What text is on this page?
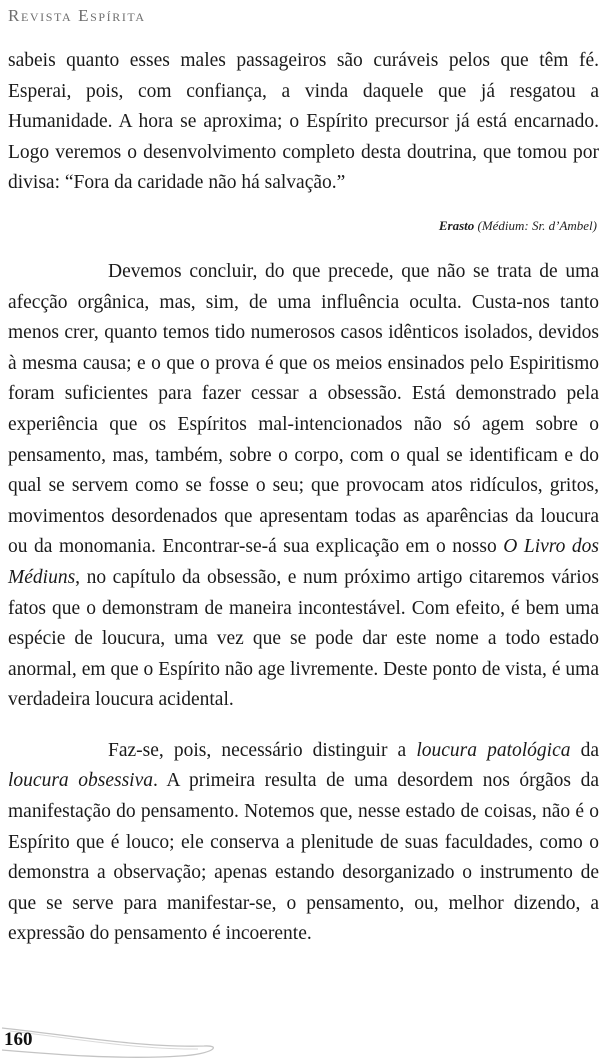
Revista Espírita

sabeis quanto esses males passageiros são curáveis pelos que têm fé. Esperai, pois, com confiança, a vinda daquele que já resgatou a Humanidade. A hora se aproxima; o Espírito precursor já está encarnado. Logo veremos o desenvolvimento completo desta doutrina, que tomou por divisa: “Fora da caridade não há salvação.”

Erasto (Médium: Sr. d’Ambel)

Devemos concluir, do que precede, que não se trata de uma afecção orgânica, mas, sim, de uma influência oculta. Custa-nos tanto menos crer, quanto temos tido numerosos casos idênticos isolados, devidos à mesma causa; e o que o prova é que os meios ensinados pelo Espiritismo foram suficientes para fazer cessar a obsessão. Está demonstrado pela experiência que os Espíritos mal-intencionados não só agem sobre o pensamento, mas, também, sobre o corpo, com o qual se identificam e do qual se servem como se fosse o seu; que provocam atos ridículos, gritos, movimentos desordenados que apresentam todas as aparências da loucura ou da monomania. Encontrar-se-á sua explicação em o nosso O Livro dos Médiuns, no capítulo da obsessão, e num próximo artigo citaremos vários fatos que o demonstram de maneira incontestável. Com efeito, é bem uma espécie de loucura, uma vez que se pode dar este nome a todo estado anormal, em que o Espírito não age livremente. Deste ponto de vista, é uma verdadeira loucura acidental.

Faz-se, pois, necessário distinguir a loucura patológica da loucura obsessiva. A primeira resulta de uma desordem nos órgãos da manifestação do pensamento. Notemos que, nesse estado de coisas, não é o Espírito que é louco; ele conserva a plenitude de suas faculdades, como o demonstra a observação; apenas estando desorganizado o instrumento de que se serve para manifestar-se, o pensamento, ou, melhor dizendo, a expressão do pensamento é incoerente.

160
